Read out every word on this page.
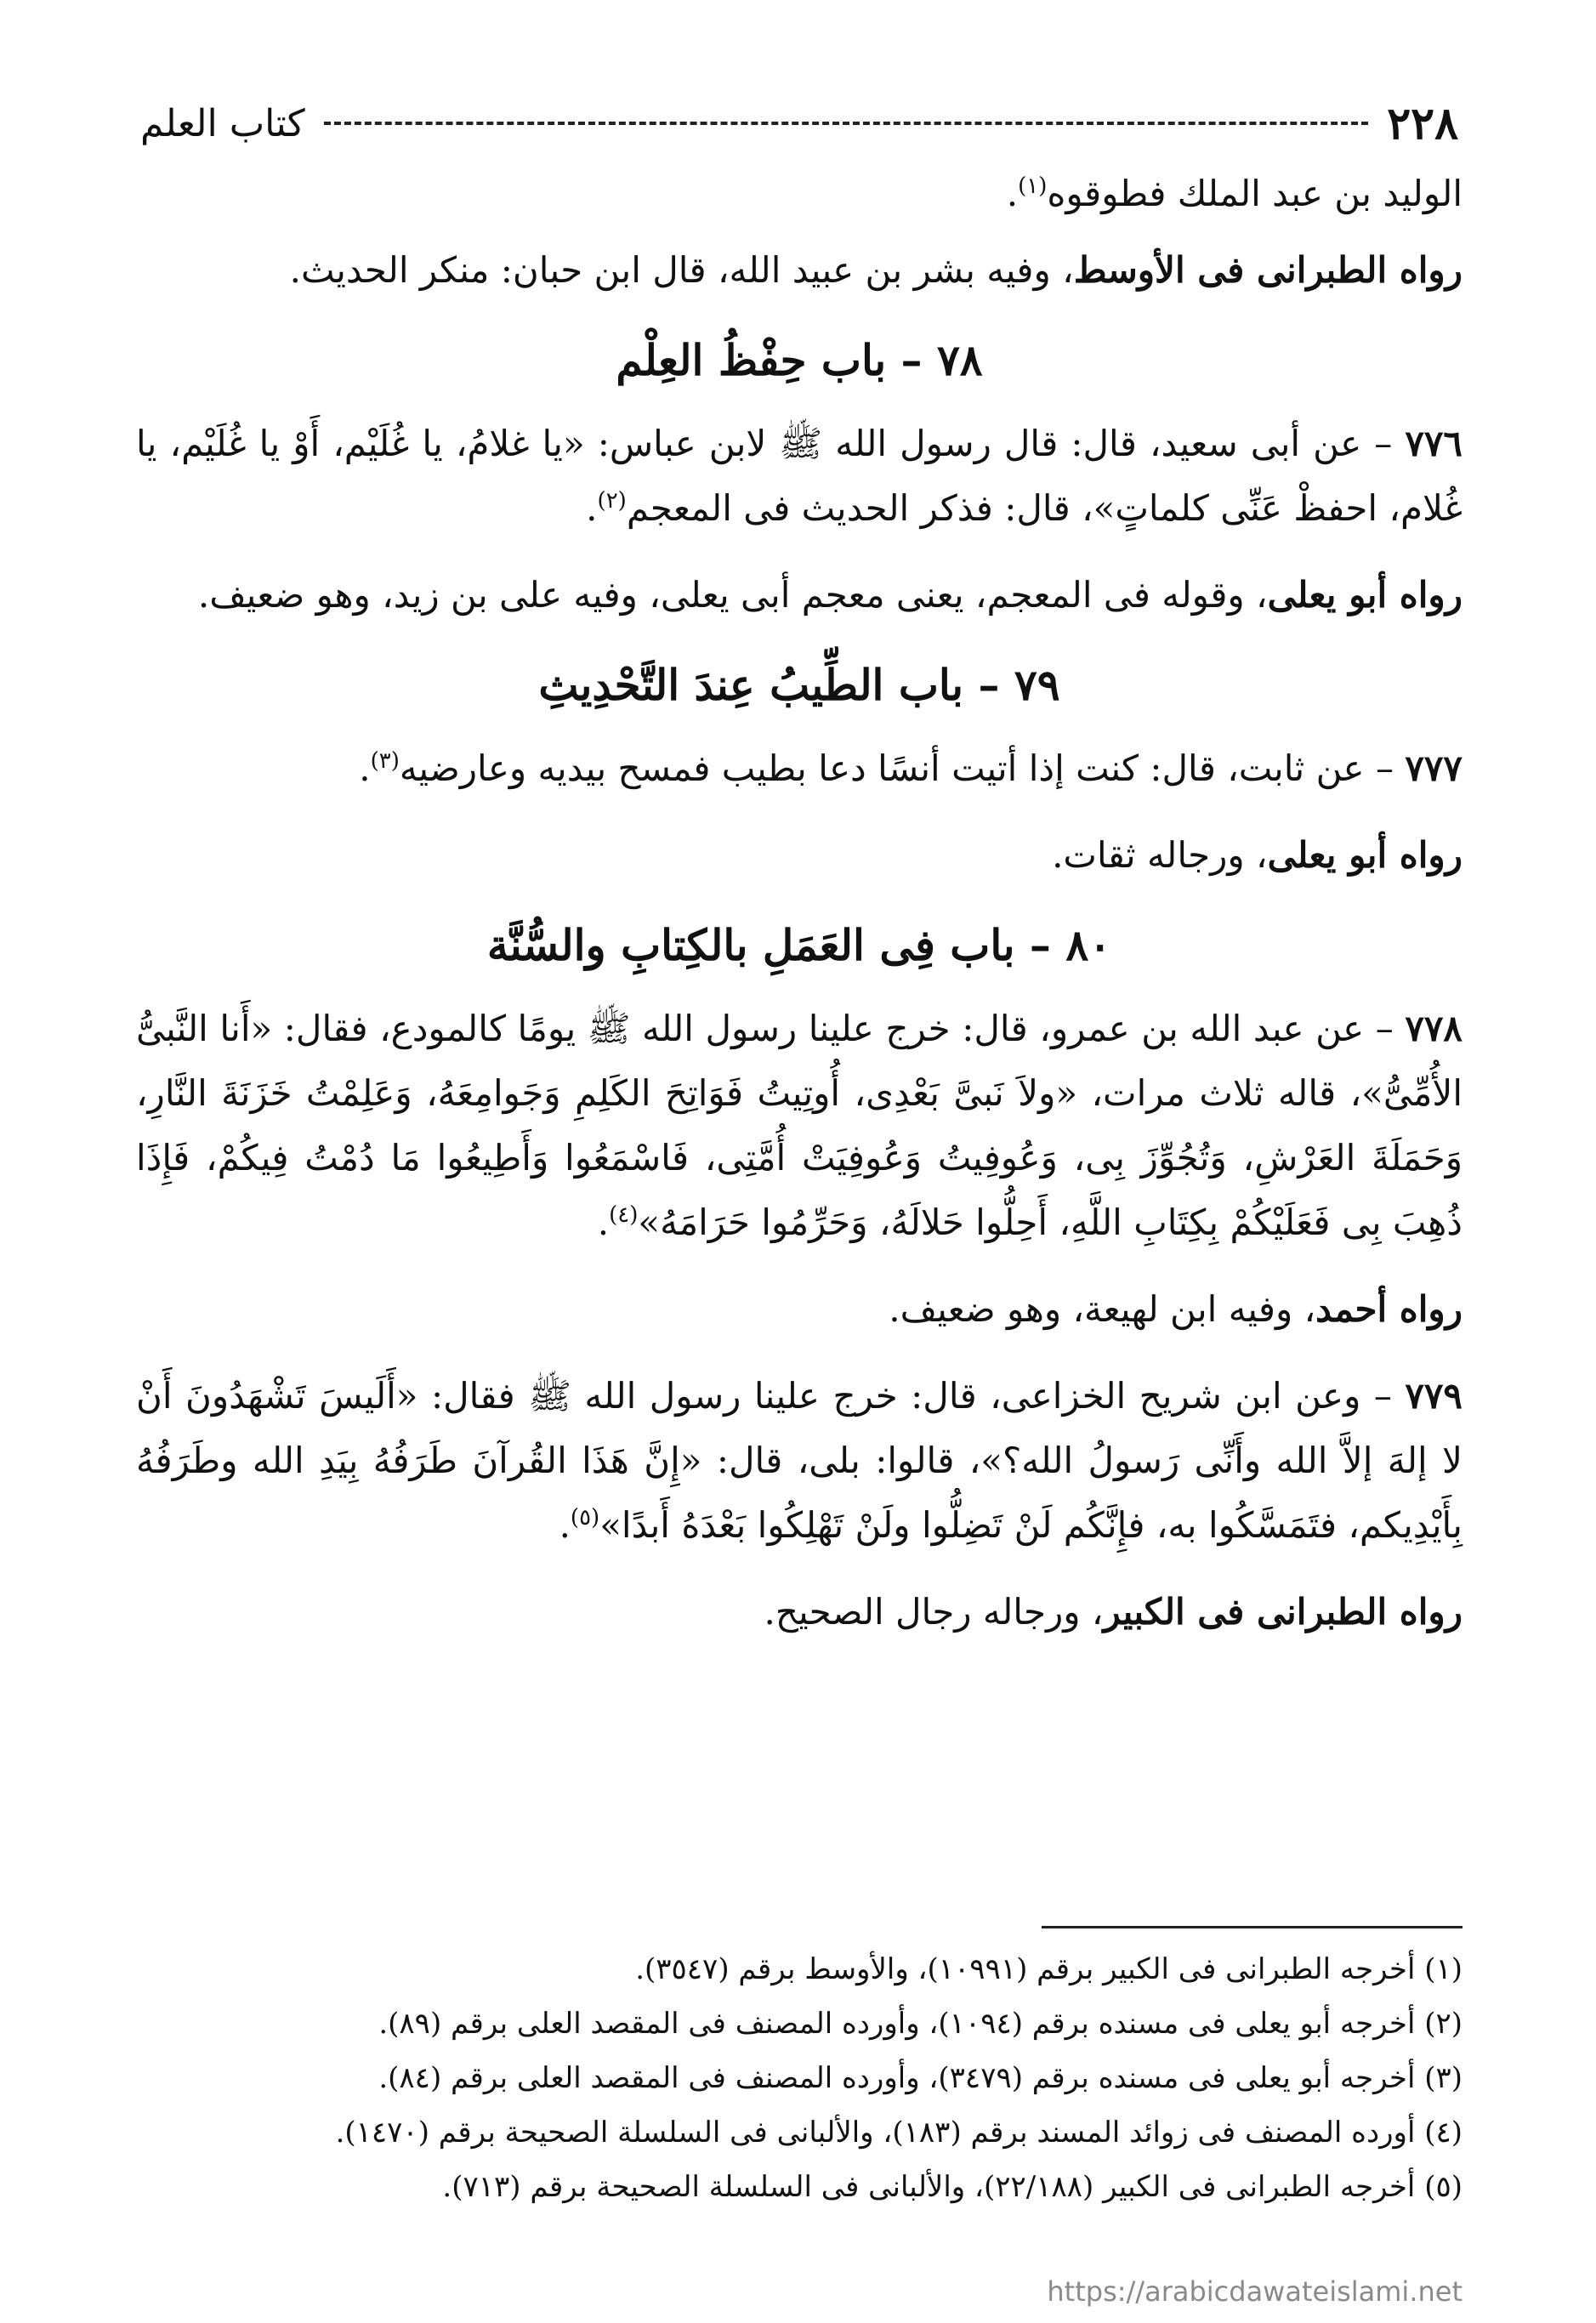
٢٢٨
كتاب العلم

الوليد بن عبد الملك فطوقوه$^{(١)}$.

رواه الطبرانى فى الأوسط، وفيه بشر بن عبيد الله، قال ابن حبان: منكر الحديث.

٧٨ – باب حِفْظُ العِلْم

٧٧٦ – عن أبى سعيد، قال: قال رسول الله ﷺ لابن عباس: «يا غلامُ، يا غُلَيْم، أَوْ يا غُلَيْم، يا غُلام، احفظْ عَنِّى كلماتٍ»، قال: فذكر الحديث فى المعجم$^{(٢)}$.

رواه أبو يعلى، وقوله فى المعجم، يعنى معجم أبى يعلى، وفيه على بن زيد، وهو ضعيف.

٧٩ – باب الطِّيبُ عِندَ التَّحْدِيثِ

٧٧٧ – عن ثابت، قال: كنت إذا أتيت أنسًا دعا بطيب فمسح بيديه وعارضيه$^{(٣)}$.

رواه أبو يعلى، ورجاله ثقات.

٨٠ – باب فِى العَمَلِ بالكِتابِ والسُّنَّة

٧٧٨ – عن عبد الله بن عمرو، قال: خرج علينا رسول الله ﷺ يومًا كالمودع، فقال: «أَنا النَّبىُّ الأُمِّىُّ»، قاله ثلاث مرات، «ولاَ نَبىَّ بَعْدِى، أُوتِيتُ فَوَاتِحَ الكَلِمِ وَجَوامِعَهُ، وَعَلِمْتُ خَزَنَةَ النَّارِ، وَحَمَلَةَ العَرْشِ، وَتُجُوِّزَ بِى، وَعُوفِيتُ وَعُوفِيَتْ أُمَّتِى، فَاسْمَعُوا وَأَطِيعُوا مَا دُمْتُ فِيكُمْ، فَإِذَا ذُهِبَ بِى فَعَلَيْكُمْ بِكِتَابِ اللَّهِ، أَحِلُّوا حَلالَهُ، وَحَرِّمُوا حَرَامَهُ»$^{(٤)}$.

رواه أحمد، وفيه ابن لهيعة، وهو ضعيف.

٧٧٩ – وعن ابن شريح الخزاعى، قال: خرج علينا رسول الله ﷺ فقال: «أَلَيسَ تَشْهَدُونَ أَنْ لا إلهَ إلاَّ الله وأَنِّى رَسولُ الله؟»، قالوا: بلى، قال: «إِنَّ هَذَا القُرآنَ طَرَفُهُ بِيَدِ الله وطَرَفُهُ بِأَيْدِيكم، فتَمَسَّكُوا به، فإِنَّكُم لَنْ تَضِلُّوا ولَنْ تَهْلِكُوا بَعْدَهُ أَبدًا»$^{(٥)}$.

رواه الطبرانى فى الكبير، ورجاله رجال الصحيح.

(١) أخرجه الطبرانى فى الكبير برقم (١٠٩٩١)، والأوسط برقم (٣٥٤٧).
(٢) أخرجه أبو يعلى فى مسنده برقم (١٠٩٤)، وأورده المصنف فى المقصد العلى برقم (٨٩).
(٣) أخرجه أبو يعلى فى مسنده برقم (٣٤٧٩)، وأورده المصنف فى المقصد العلى برقم (٨٤).
(٤) أورده المصنف فى زوائد المسند برقم (١٨٣)، والألبانى فى السلسلة الصحيحة برقم (١٤٧٠).
(٥) أخرجه الطبرانى فى الكبير (٢٢/١٨٨)، والألبانى فى السلسلة الصحيحة برقم (٧١٣).
https://arabicdawateislami.net
